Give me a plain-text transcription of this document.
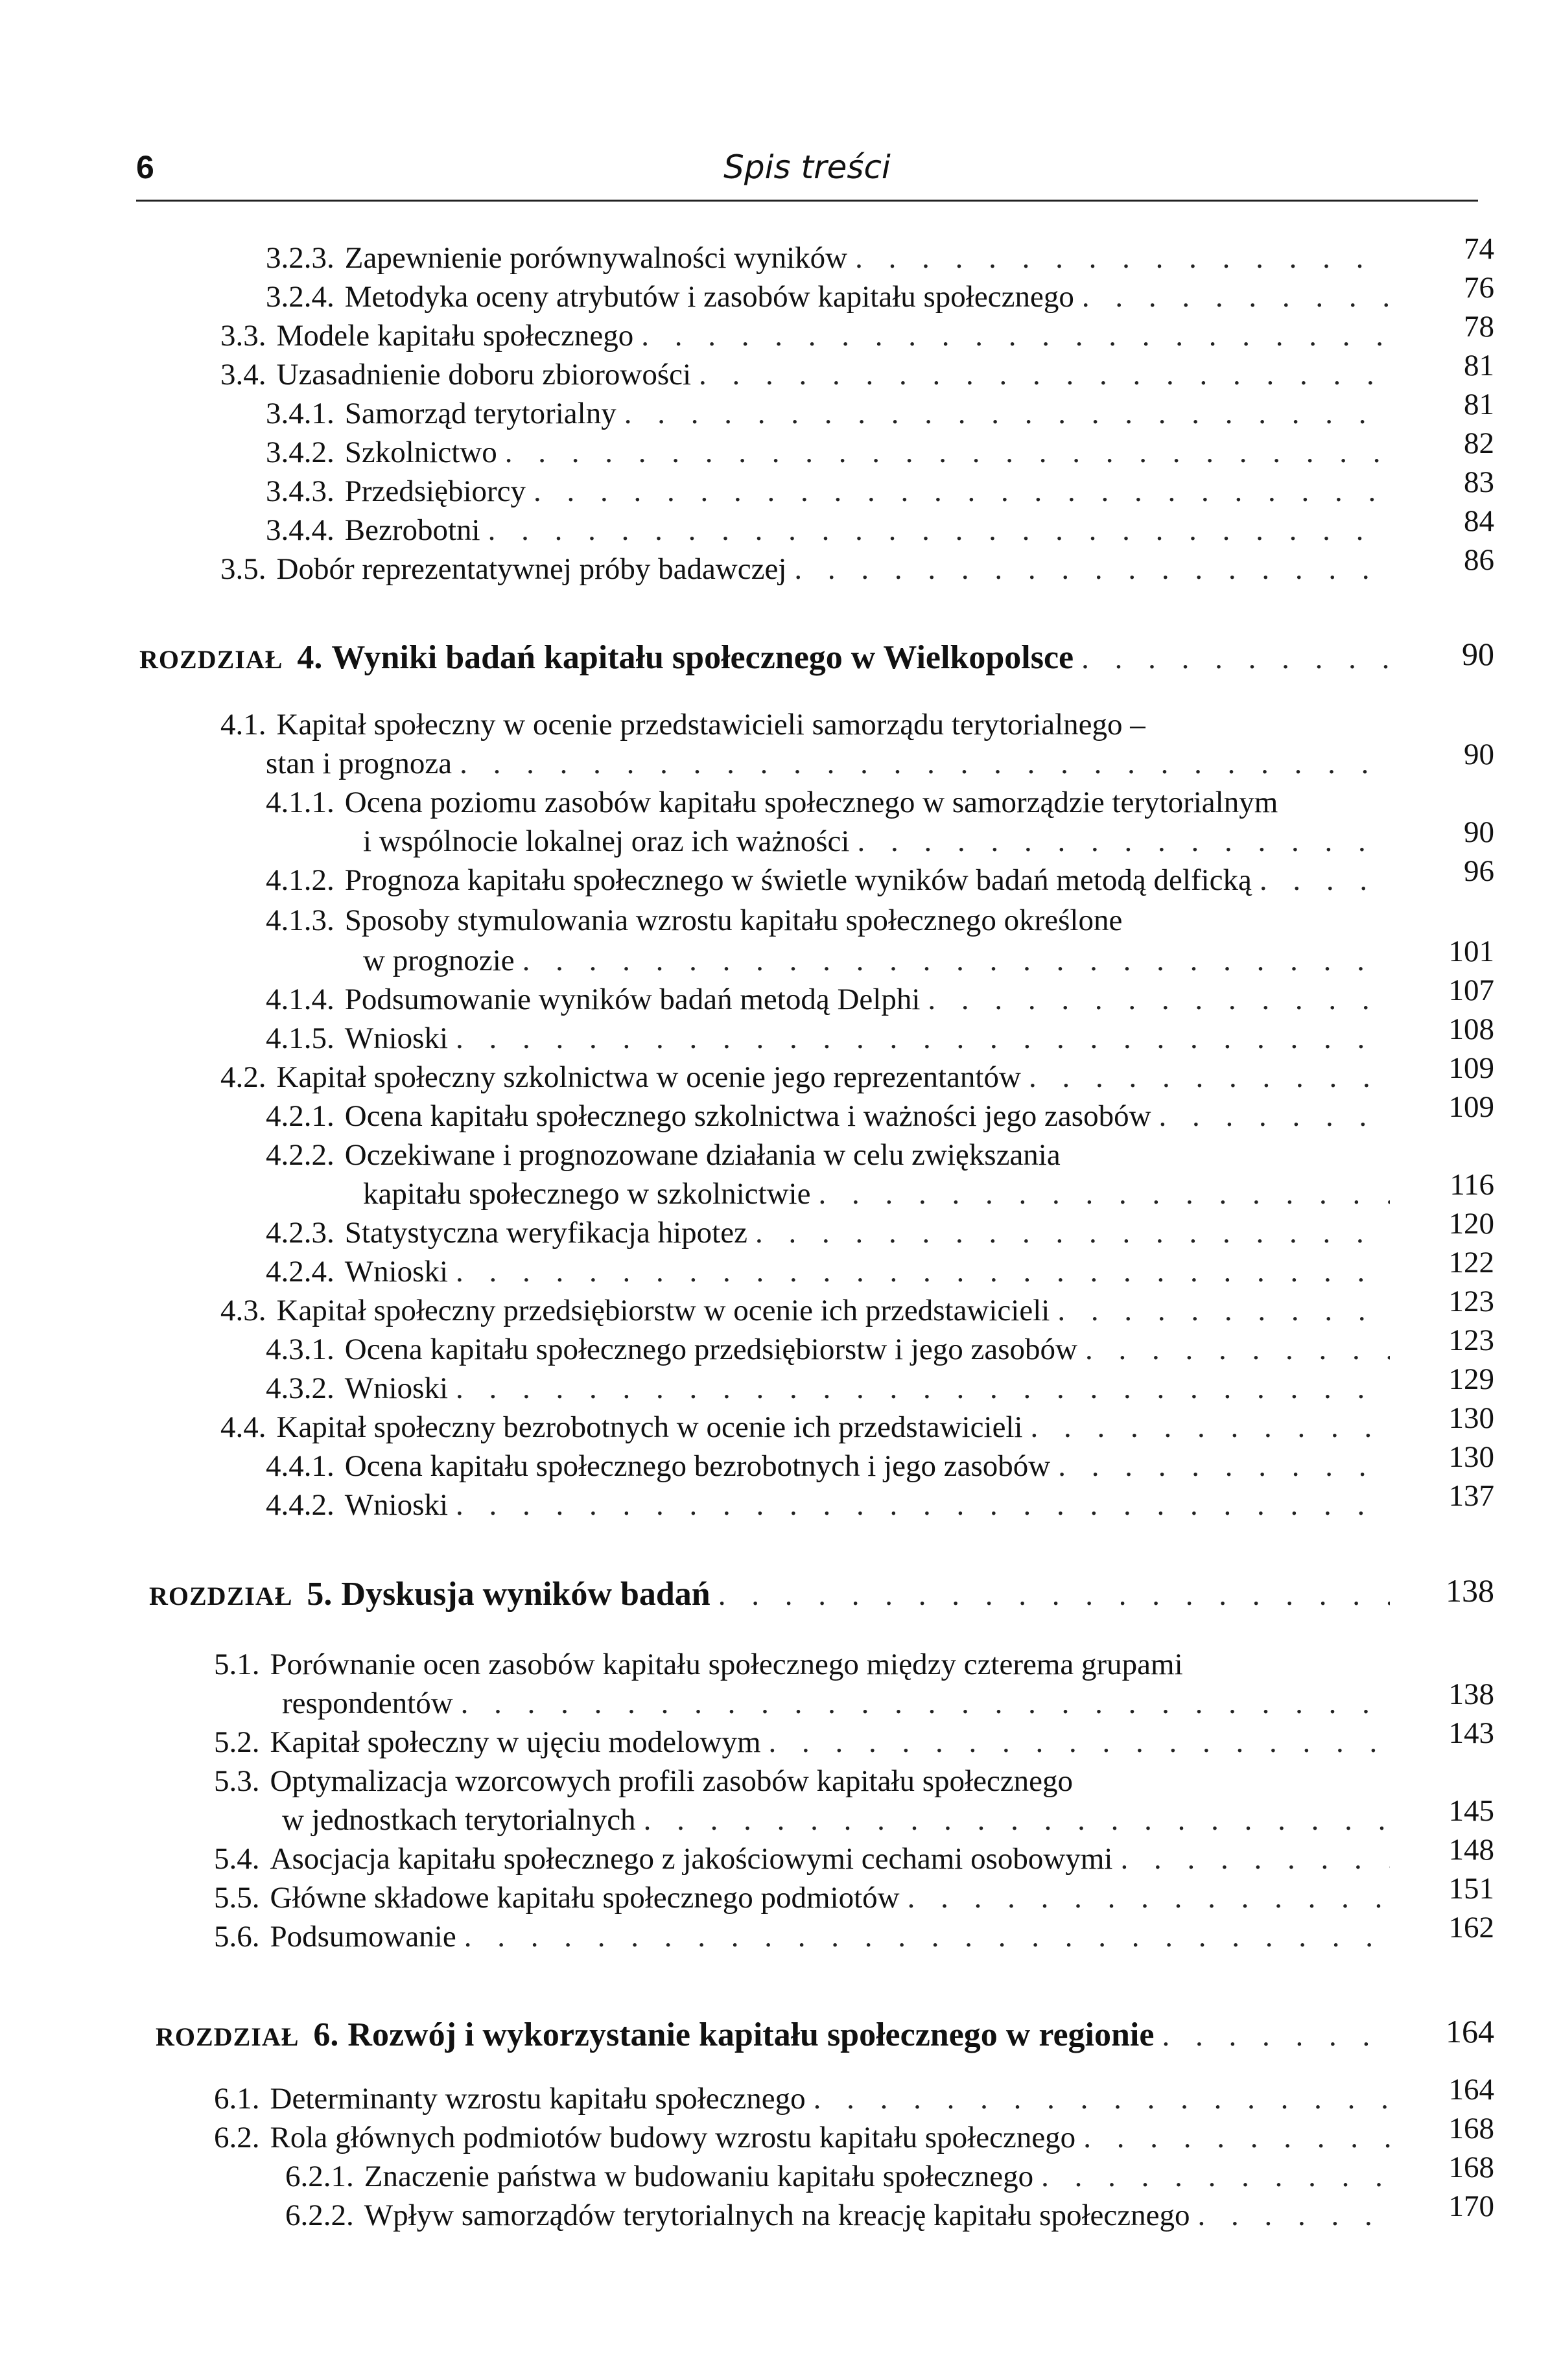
6	Spis treści
3.2.3. Zapewnienie porównywalności wyników . . .	74
3.2.4. Metodyka oceny atrybutów i zasobów kapitału społecznego . . .	76
3.3. Modele kapitału społecznego . . .	78
3.4. Uzasadnienie doboru zbiorowości . . .	81
3.4.1. Samorząd terytorialny . . .	81
3.4.2. Szkolnictwo . . .	82
3.4.3. Przedsiębiorcy . . .	83
3.4.4. Bezrobotni . . .	84
3.5. Dobór reprezentatywnej próby badawczej . . .	86
ROZDZIAŁ 4. Wyniki badań kapitału społecznego w Wielkopolsce . . .	90
4.1. Kapitał społeczny w ocenie przedstawicieli samorządu terytorialnego –
stan i prognoza . . .	90
4.1.1. Ocena poziomu zasobów kapitału społecznego w samorządzie terytorialnym
i wspólnocie lokalnej oraz ich ważności . . .	90
4.1.2. Prognoza kapitału społecznego w świetle wyników badań metodą delficką . . .	96
4.1.3. Sposoby stymulowania wzrostu kapitału społecznego określone
w prognozie . . .	101
4.1.4. Podsumowanie wyników badań metodą Delphi . . .	107
4.1.5. Wnioski . . .	108
4.2. Kapitał społeczny szkolnictwa w ocenie jego reprezentantów . . .	109
4.2.1. Ocena kapitału społecznego szkolnictwa i ważności jego zasobów . . .	109
4.2.2. Oczekiwane i prognozowane działania w celu zwiększania
kapitału społecznego w szkolnictwie . . .	116
4.2.3. Statystyczna weryfikacja hipotez . . .	120
4.2.4. Wnioski . . .	122
4.3. Kapitał społeczny przedsiębiorstw w ocenie ich przedstawicieli . . .	123
4.3.1. Ocena kapitału społecznego przedsiębiorstw i jego zasobów . . .	123
4.3.2. Wnioski . . .	129
4.4. Kapitał społeczny bezrobotnych w ocenie ich przedstawicieli . . .	130
4.4.1. Ocena kapitału społecznego bezrobotnych i jego zasobów . . .	130
4.4.2. Wnioski . . .	137
ROZDZIAŁ 5. Dyskusja wyników badań . . .	138
5.1. Porównanie ocen zasobów kapitału społecznego między czterema grupami
respondentów . . .	138
5.2. Kapitał społeczny w ujęciu modelowym . . .	143
5.3. Optymalizacja wzorcowych profili zasobów kapitału społecznego
w jednostkach terytorialnych . . .	145
5.4. Asocjacja kapitału społecznego z jakościowymi cechami osobowymi . . .	148
5.5. Główne składowe kapitału społecznego podmiotów . . .	151
5.6. Podsumowanie . . .	162
ROZDZIAŁ 6. Rozwój i wykorzystanie kapitału społecznego w regionie . . .	164
6.1. Determinanty wzrostu kapitału społecznego . . .	164
6.2. Rola głównych podmiotów budowy wzrostu kapitału społecznego . . .	168
6.2.1. Znaczenie państwa w budowaniu kapitału społecznego . . .	168
6.2.2. Wpływ samorządów terytorialnych na kreację kapitału społecznego . . .	170
